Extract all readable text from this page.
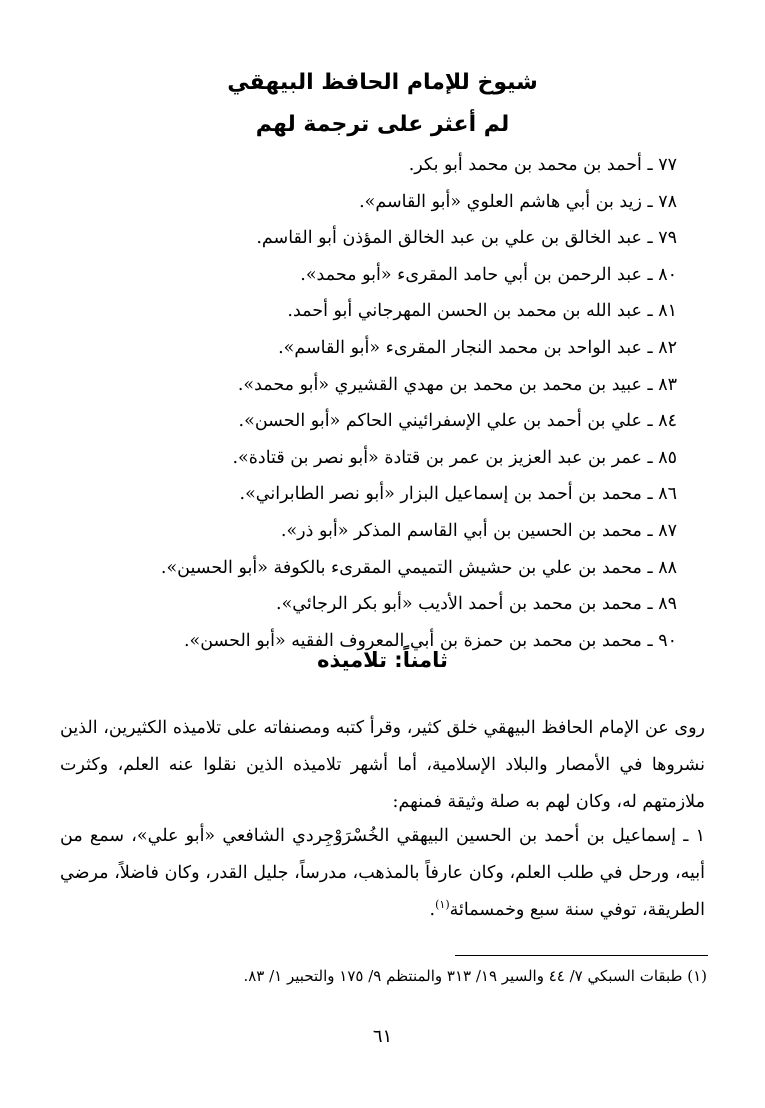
شيوخ للإمام الحافظ البيهقي
لم أعثر على ترجمة لهم
٧٧ ـ أحمد بن محمد بن محمد أبو بكر.
٧٨ ـ زيد بن أبي هاشم العلوي «أبو القاسم».
٧٩ ـ عبد الخالق بن علي بن عبد الخالق المؤذن أبو القاسم.
٨٠ ـ عبد الرحمن بن أبي حامد المقرىء «أبو محمد».
٨١ ـ عبد الله بن محمد بن الحسن المهرجاني أبو أحمد.
٨٢ ـ عبد الواحد بن محمد النجار المقرىء «أبو القاسم».
٨٣ ـ عبيد بن محمد بن محمد بن مهدي القشيري «أبو محمد».
٨٤ ـ علي بن أحمد بن علي الإسفرائيني الحاكم «أبو الحسن».
٨٥ ـ عمر بن عبد العزيز بن عمر بن قتادة «أبو نصر بن قتادة».
٨٦ ـ محمد بن أحمد بن إسماعيل البزار «أبو نصر الطابراني».
٨٧ ـ محمد بن الحسين بن أبي القاسم المذكر «أبو ذر».
٨٨ ـ محمد بن علي بن حشيش التميمي المقرىء بالكوفة «أبو الحسين».
٨٩ ـ محمد بن محمد بن أحمد الأديب «أبو بكر الرجائي».
٩٠ ـ محمد بن محمد بن حمزة بن أبي المعروف الفقيه «أبو الحسن».
ثامناً: تلاميذه

روى عن الإمام الحافظ البيهقي خلق كثير، وقرأ كتبه ومصنفاته على تلاميذه الكثيرين، الذين نشروها في الأمصار والبلاد الإسلامية، أما أشهر تلاميذه الذين نقلوا عنه العلم، وكثرت ملازمتهم له، وكان لهم به صلة وثيقة فمنهم:

١ ـ إسماعيل بن أحمد بن الحسين البيهقي الخُسْرَوْجِردي الشافعي «أبو علي»، سمع من أبيه، ورحل في طلب العلم، وكان عارفاً بالمذهب، مدرساً، جليل القدر، وكان فاضلاً، مرضي الطريقة، توفي سنة سبع وخمسمائة$^{(١)}$.

(١) طبقات السبكي ٧/ ٤٤ والسير ١٩/ ٣١٣ والمنتظم ٩/ ١٧٥ والتحبير ١/ ٨٣.
٦١
